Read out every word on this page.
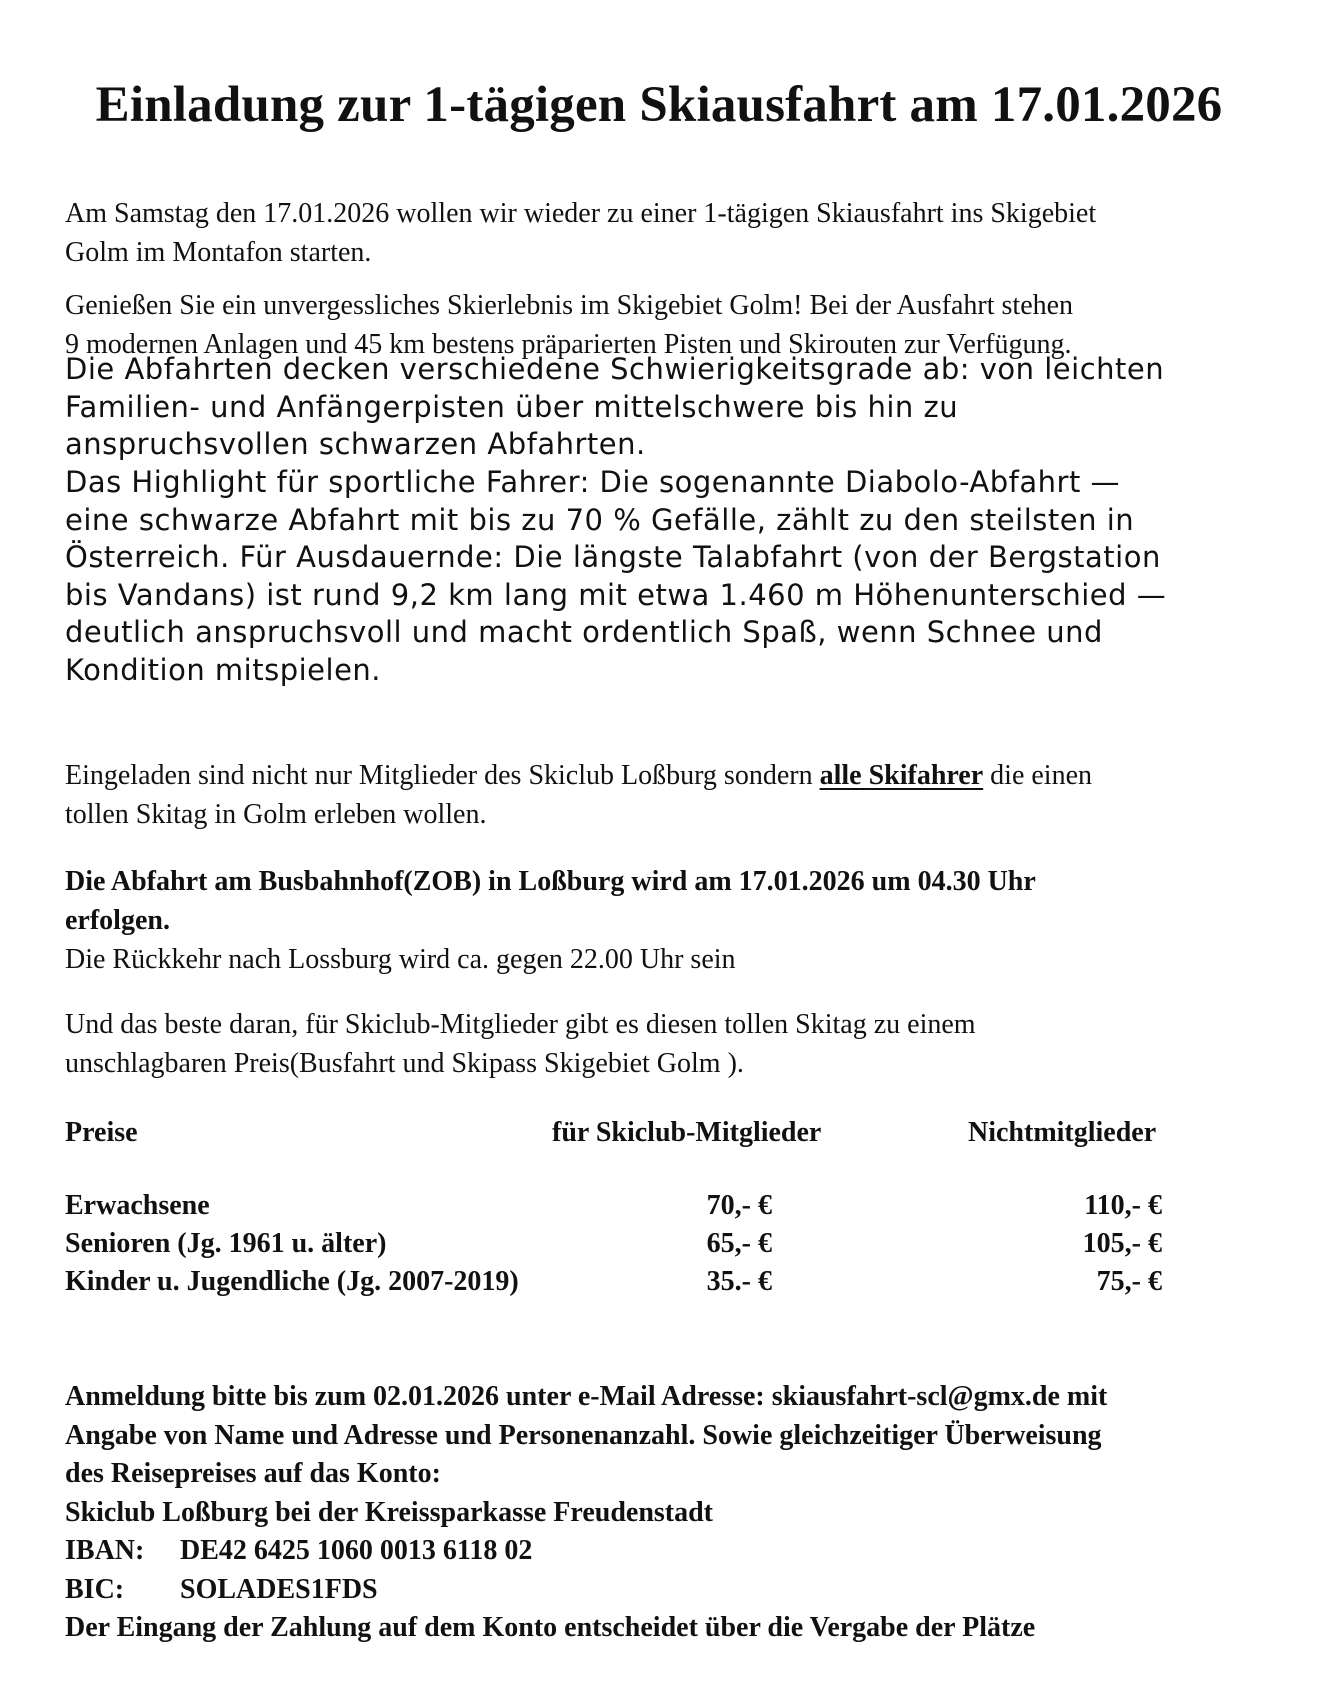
Einladung zur 1-tägigen Skiausfahrt am 17.01.2026
Am Samstag den 17.01.2026 wollen wir wieder zu einer 1-tägigen Skiausfahrt ins Skigebiet
Golm im Montafon starten.
Genießen Sie ein unvergessliches Skierlebnis im Skigebiet Golm! Bei der Ausfahrt stehen
9 modernen Anlagen und 45 km bestens präparierten Pisten und Skirouten zur Verfügung.

Die Abfahrten decken verschiedene Schwierigkeitsgrade ab: von leichten

Familien- und Anfängerpisten über mittelschwere bis hin zu

anspruchsvollen schwarzen Abfahrten.

Das Highlight für sportliche Fahrer: Die sogenannte Diabolo-Abfahrt —

eine schwarze Abfahrt mit bis zu 70 % Gefälle, zählt zu den steilsten in

Österreich. Für Ausdauernde: Die längste Talabfahrt (von der Bergstation

bis Vandans) ist rund 9,2 km lang mit etwa 1.460 m Höhenunterschied —

deutlich anspruchsvoll und macht ordentlich Spaß, wenn Schnee und

Kondition mitspielen.

Eingeladen sind nicht nur Mitglieder des Skiclub Loßburg sondern alle Skifahrer die einen
tollen Skitag in Golm erleben wollen.
Die Abfahrt am Busbahnhof(ZOB) in Loßburg wird am 17.01.2026 um 04.30 Uhr
erfolgen.
Die Rückkehr nach Lossburg wird ca. gegen 22.00 Uhr sein
Und das beste daran, für Skiclub-Mitglieder gibt es diesen tollen Skitag zu einem
unschlagbaren Preis(Busfahrt und Skipass Skigebiet Golm ).
Preise	für Skiclub-Mitglieder	Nichtmitglieder
Erwachsene	70,- €	110,- €
Senioren (Jg. 1961 u. älter)	65,- €	105,- €
Kinder u. Jugendliche (Jg. 2007-2019)	35.- €	75,- €
Anmeldung bitte bis zum 02.01.2026 unter e-Mail Adresse: skiausfahrt-scl@gmx.de mit
Angabe von Name und Adresse und Personenanzahl. Sowie gleichzeitiger Überweisung
des Reisepreises auf das Konto:
Skiclub Loßburg bei der Kreissparkasse Freudenstadt
IBAN: DE42 6425 1060 0013 6118 02
BIC: SOLADES1FDS
Der Eingang der Zahlung auf dem Konto entscheidet über die Vergabe der Plätze
